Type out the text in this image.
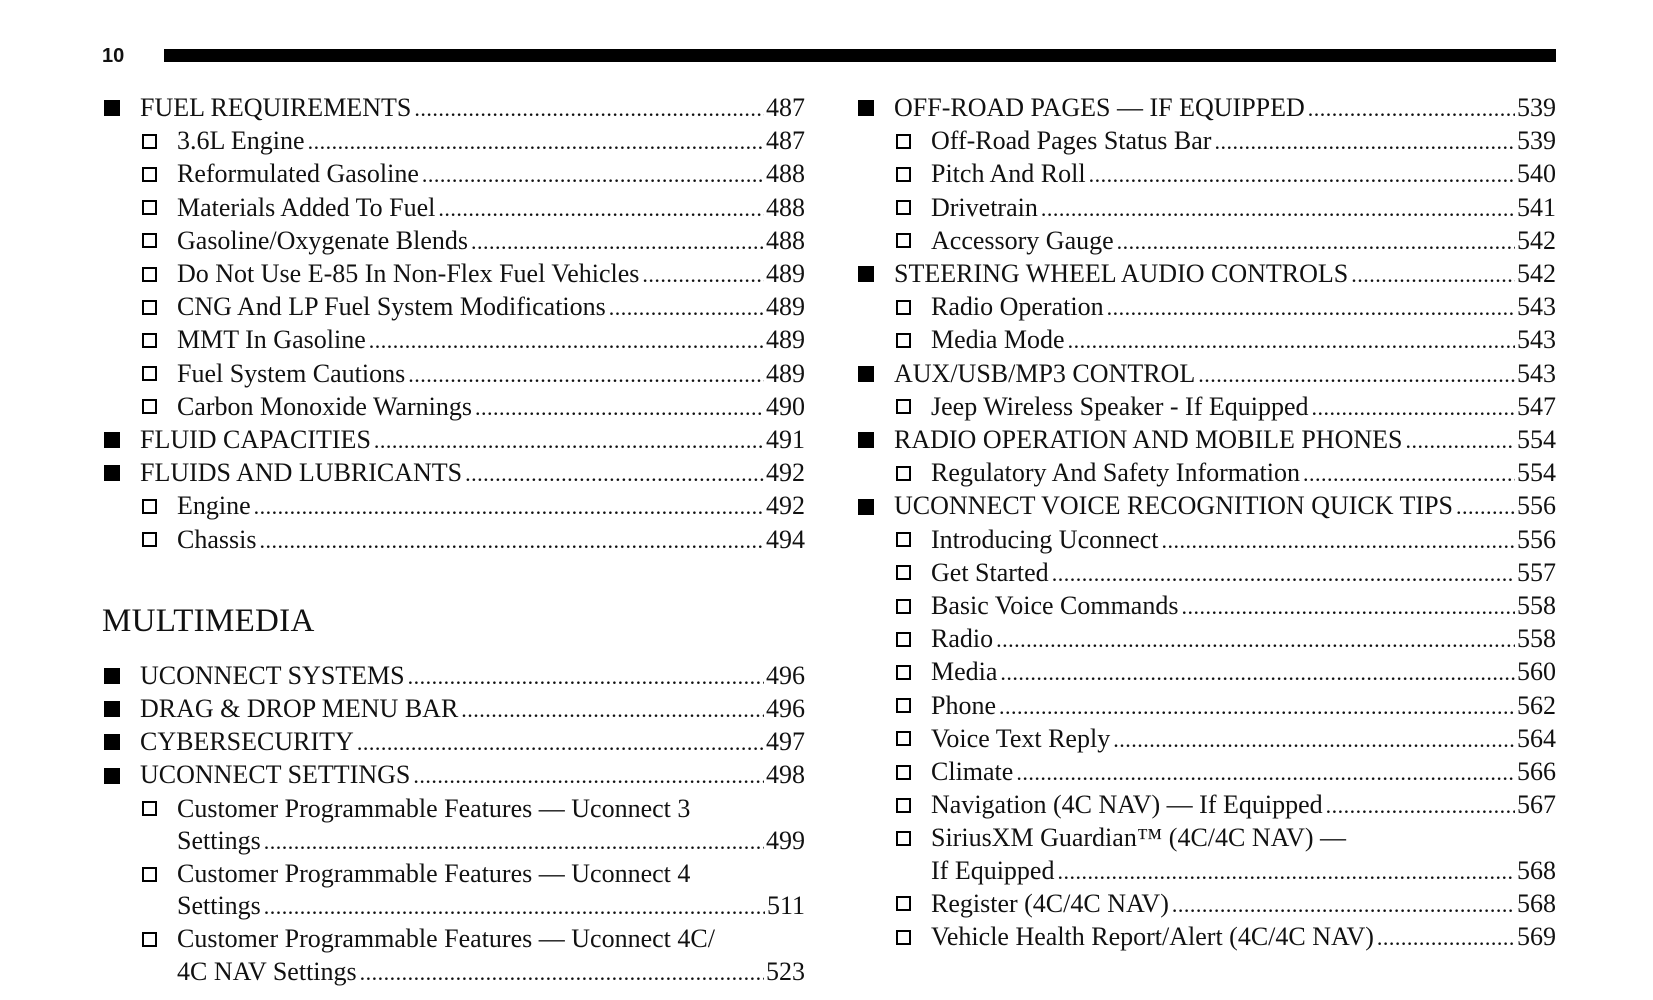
10
FUEL REQUIREMENTS .....	487
3.6L Engine .....	487
Reformulated Gasoline .....	488
Materials Added To Fuel .....	488
Gasoline/Oxygenate Blends .....	488
Do Not Use E-85 In Non-Flex Fuel Vehicles .....	489
CNG And LP Fuel System Modifications .....	489
MMT In Gasoline .....	489
Fuel System Cautions .....	489
Carbon Monoxide Warnings .....	490
FLUID CAPACITIES .....	491
FLUIDS AND LUBRICANTS .....	492
Engine .....	492
Chassis .....	494
MULTIMEDIA
UCONNECT SYSTEMS .....	496
DRAG & DROP MENU BAR .....	496
CYBERSECURITY .....	497
UCONNECT SETTINGS .....	498
Customer Programmable Features — Uconnect 3
Settings .....	499
Customer Programmable Features — Uconnect 4
Settings .....	511
Customer Programmable Features — Uconnect 4C/
4C NAV Settings .....	523
OFF-ROAD PAGES — IF EQUIPPED .....	539
Off-Road Pages Status Bar .....	539
Pitch And Roll .....	540
Drivetrain .....	541
Accessory Gauge .....	542
STEERING WHEEL AUDIO CONTROLS .....	542
Radio Operation .....	543
Media Mode .....	543
AUX/USB/MP3 CONTROL .....	543
Jeep Wireless Speaker - If Equipped .....	547
RADIO OPERATION AND MOBILE PHONES .....	554
Regulatory And Safety Information .....	554
UCONNECT VOICE RECOGNITION QUICK TIPS ..... 556
Introducing Uconnect .....	556
Get Started .....	557
Basic Voice Commands .....	558
Radio .....	558
Media .....	560
Phone .....	562
Voice Text Reply .....	564
Climate .....	566
Navigation (4C NAV) — If Equipped .....	567
SiriusXM Guardian™ (4C/4C NAV) —
If Equipped .....	568
Register (4C/4C NAV) .....	568
Vehicle Health Report/Alert (4C/4C NAV) .....	569
